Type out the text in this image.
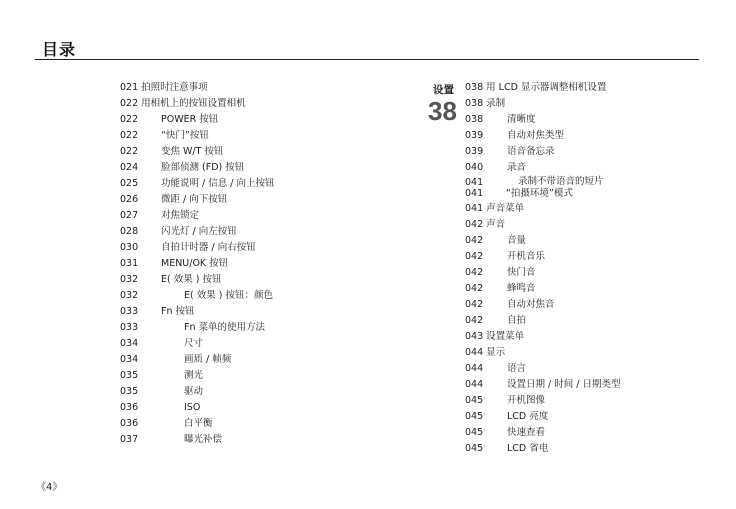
目录
021 拍照时注意事项
022 用相机上的按钮设置相机
022 POWER 按钮
022 “快门”按钮
022 变焦 W/T 按钮
024 脸部侦测 (FD) 按钮
025 功能说明 / 信息 / 向上按钮
026 微距 / 向下按钮
027 对焦锁定
028 闪光灯 / 向左按钮
030 自拍计时器 / 向右按钮
031 MENU/OK 按钮
032 E( 效果 ) 按钮
032	E( 效果 ) 按钮：颜色
033 Fn 按钮
033	Fn 菜单的使用方法
034	尺寸
034	画质 / 帧频
035	测光
035	驱动
036	ISO
036	白平衡
037	曝光补偿
设置
38
038 用 LCD 显示器调整相机设置
038 录制
038	清晰度
039	自动对焦类型
039	语音备忘录
040	录音
041	录制不带语音的短片

041 “拍摄环境”模式
041 声音菜单
042 声音
042	音量
042	开机音乐
042	快门音
042	蜂鸣音
042	自动对焦音
042	自拍
043 设置菜单
044 显示
044	语言
044	设置日期 / 时间 / 日期类型
045	开机图像
045	LCD 亮度
045	快速查看
045	LCD 省电
《4》
